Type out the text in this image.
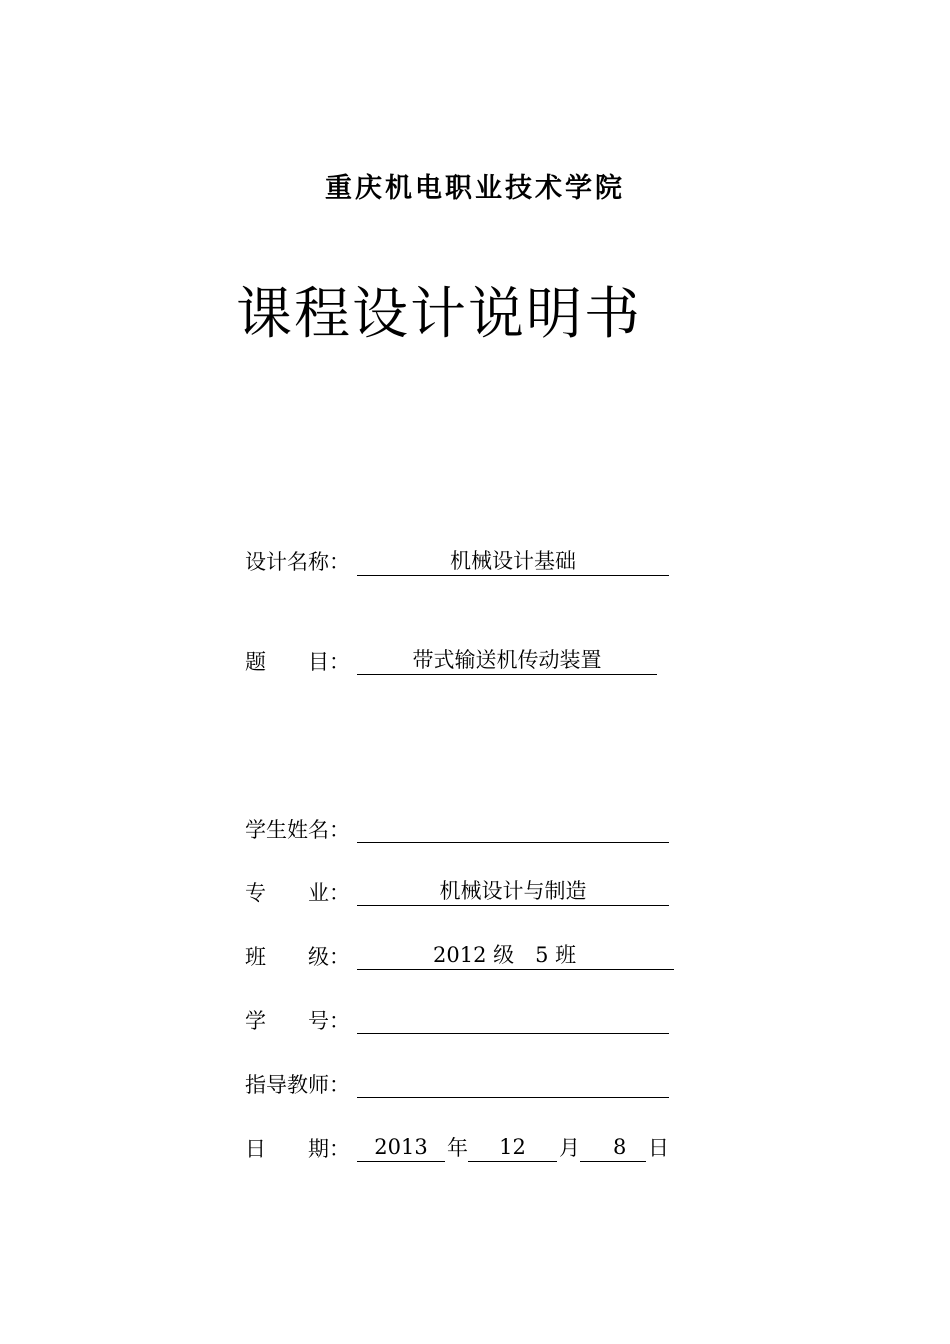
重庆机电职业技术学院
课程设计说明书
设计名称：	机械设计基础
题　　目：	带式输送机传动装置
学生姓名：
专　　业：	机械设计与制造
班　　级：	2012 级　5 班
学　　号：
指导教师：
日　　期：	2013 年	12	月	8	日
